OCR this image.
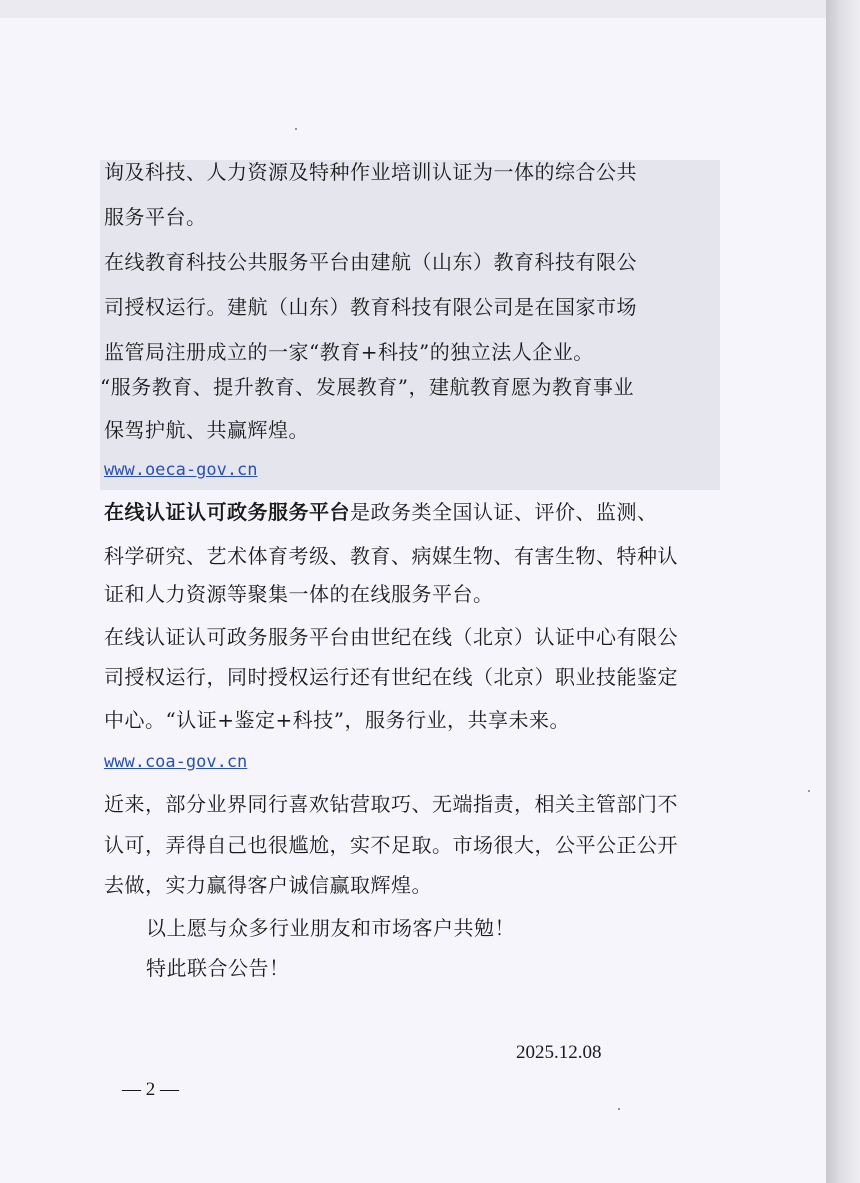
询及科技、人力资源及特种作业培训认证为一体的综合公共
服务平台。
在线教育科技公共服务平台由建航（山东）教育科技有限公
司授权运行。建航（山东）教育科技有限公司是在国家市场
监管局注册成立的一家“教育+科技”的独立法人企业。
“服务教育、提升教育、发展教育”，建航教育愿为教育事业
保驾护航、共赢辉煌。
www.oeca-gov.cn
在线认证认可政务服务平台是政务类全国认证、评价、监测、
科学研究、艺术体育考级、教育、病媒生物、有害生物、特种认
证和人力资源等聚集一体的在线服务平台。
在线认证认可政务服务平台由世纪在线（北京）认证中心有限公
司授权运行，同时授权运行还有世纪在线（北京）职业技能鉴定
中心。“认证+鉴定+科技”，服务行业，共享未来。
www.coa-gov.cn
近来，部分业界同行喜欢钻营取巧、无端指责，相关主管部门不
认可，弄得自己也很尴尬，实不足取。市场很大，公平公正公开
去做，实力赢得客户诚信赢取辉煌。
以上愿与众多行业朋友和市场客户共勉！
特此联合公告！
2025.12.08
— 2 —
